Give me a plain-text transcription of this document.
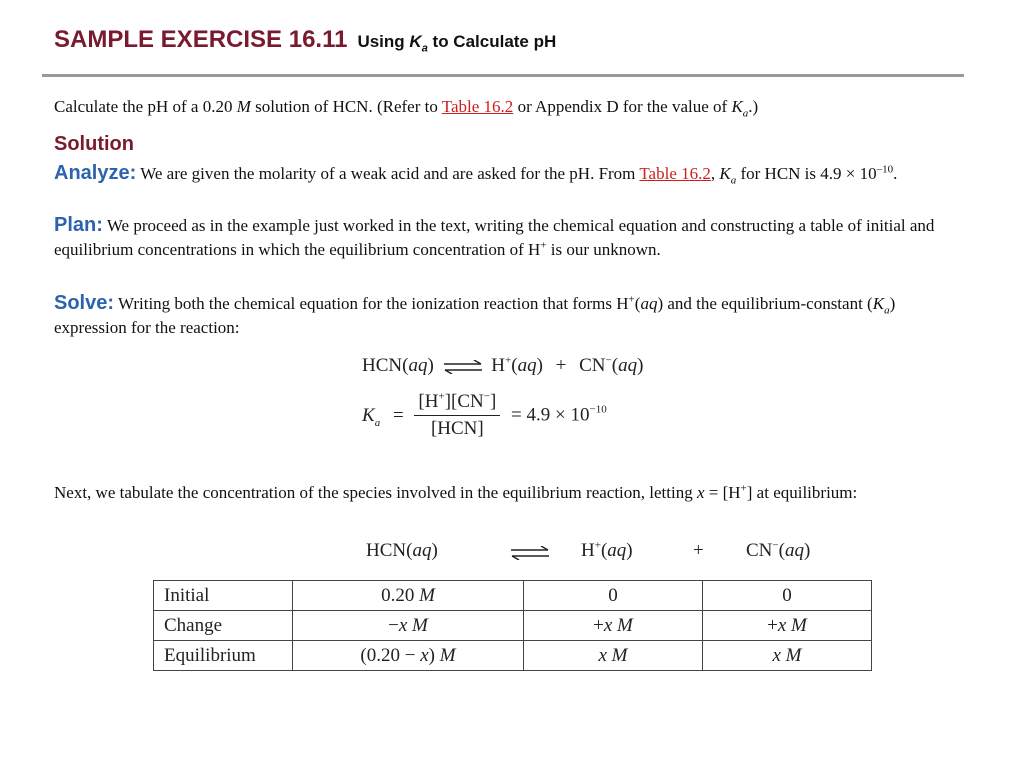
SAMPLE EXERCISE 16.11 Using $K_a$ to Calculate pH
Calculate the pH of a 0.20 M solution of HCN. (Refer to Table 16.2 or Appendix D for the value of $K_a$.)
Solution
Analyze: We are given the molarity of a weak acid and are asked for the pH. From Table 16.2, $K_a$ for HCN is $4.9 \times 10^{-10}$.
Plan: We proceed as in the example just worked in the text, writing the chemical equation and constructing a table of initial and equilibrium concentrations in which the equilibrium concentration of H+ is our unknown.
Solve: Writing both the chemical equation for the ionization reaction that forms H+(aq) and the equilibrium-constant $(K_a)$ expression for the reaction:
HCN(aq) ⇌ H+(aq) + CN−(aq)
$K_a = \frac{[H^+][CN^-]}{\text{[HCN]}} = 4.9 \times 10^{-10}$
Next, we tabulate the concentration of the species involved in the equilibrium reaction, letting x = [H+] at equilibrium:
HCN(aq)	H+(aq)	+ CN−(aq)
Initial	0.20 M	0	0
Change	−x M	+x M	+x M
Equilibrium	(0.20 − x) M	x M	x M
